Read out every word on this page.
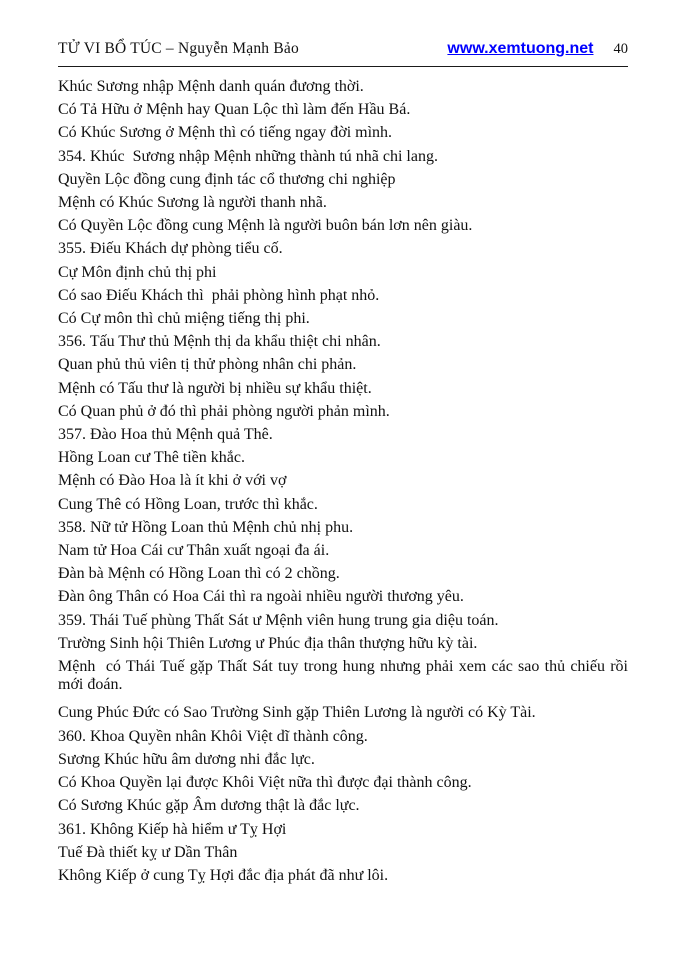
TỬ VI BỔ TÚC – Nguyễn Mạnh Bảo	www.xemtuong.net 40

Khúc Sương nhập Mệnh danh quán đương thời.

Có Tả Hữu ở Mệnh hay Quan Lộc thì làm đến Hầu Bá.

Có Khúc Sương ở Mệnh thì có tiếng ngay đời mình.

354. Khúc  Sương nhập Mệnh những thành tú nhã chi lang.

Quyền Lộc đồng cung định tác cổ thương chi nghiệp

Mệnh có Khúc Sương là người thanh nhã.

Có Quyền Lộc đồng cung Mệnh là người buôn bán lơn nên giàu.

355. Điếu Khách dự phòng tiểu cố.

Cự Môn định chủ thị phi

Có sao Điếu Khách thì  phải phòng hình phạt nhỏ.

Có Cự môn thì chủ miệng tiếng thị phi.

356. Tấu Thư thủ Mệnh thị da khẩu thiệt chi nhân.

Quan phủ thủ viên tị thử phòng nhân chi phản.

Mệnh có Tấu thư là người bị nhiều sự khẩu thiệt.

Có Quan phủ ở đó thì phải phòng người phản mình.

357. Đào Hoa thủ Mệnh quả Thê.

Hồng Loan cư Thê tiền khắc.

Mệnh có Đào Hoa là ít khi ở với vợ

Cung Thê có Hồng Loan, trước thì khắc.

358. Nữ tử Hồng Loan thủ Mệnh chủ nhị phu.

Nam tử Hoa Cái cư Thân xuất ngoại đa ái.

Đàn bà Mệnh có Hồng Loan thì có 2 chồng.

Đàn ông Thân có Hoa Cái thì ra ngoài nhiều người thương yêu.

359. Thái Tuế phùng Thất Sát ư Mệnh viên hung trung gia diệu toán.

Trường Sinh hội Thiên Lương ư Phúc địa thân thượng hữu kỳ tài.

Mệnh  có Thái Tuế gặp Thất Sát tuy trong hung nhưng phải xem các sao thủ chiếu rồi mới đoán.

Cung Phúc Đức có Sao Trường Sinh gặp Thiên Lương là người có Kỳ Tài.

360. Khoa Quyền nhân Khôi Việt dĩ thành công.

Sương Khúc hữu âm dương nhi đắc lực.

Có Khoa Quyền lại được Khôi Việt nữa thì được đại thành công.

Có Sương Khúc gặp Âm dương thật là đắc lực.

361. Không Kiếp hà hiểm ư Tỵ Hợi

Tuế Đà thiết kỵ ư Dần Thân

Không Kiếp ở cung Tỵ Hợi đắc địa phát đã như lôi.
